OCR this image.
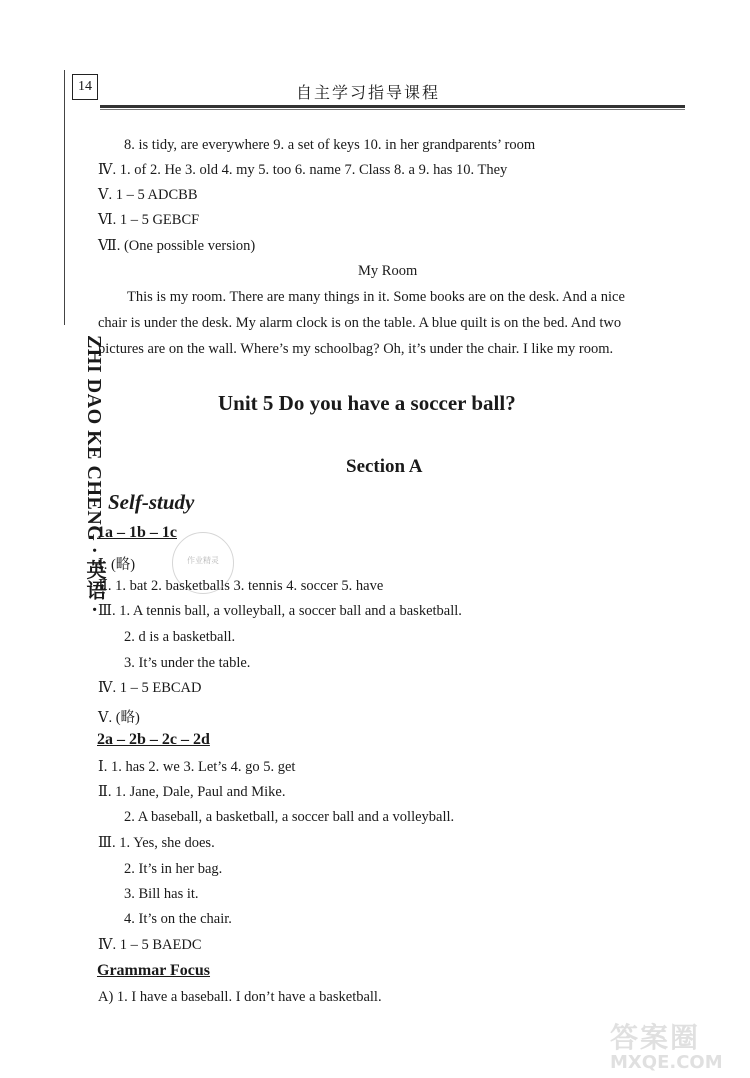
14	自主学习指导课程
ZHI DAO KE CHENG · 英语 ·
8. is tidy, are everywhere 9. a set of keys 10. in her grandparents’ room
Ⅳ. 1. of 2. He 3. old 4. my 5. too 6. name 7. Class 8. a 9. has 10. They
Ⅴ. 1 – 5 ADCBB
Ⅵ. 1 – 5 GEBCF
Ⅶ. (One possible version)
My Room
This is my room. There are many things in it. Some books are on the desk. And a nice
chair is under the desk. My alarm clock is on the table. A blue quilt is on the bed. And two
pictures are on the wall. Where’s my schoolbag? Oh, it’s under the chair. I like my room.
Unit 5 Do you have a soccer ball?
Section A
Self-study
1a – 1b – 1c
Ⅰ. (略)
Ⅱ. 1. bat 2. basketballs 3. tennis 4. soccer 5. have
Ⅲ. 1. A tennis ball, a volleyball, a soccer ball and a basketball.
2. d is a basketball.
3. It’s under the table.
Ⅳ. 1 – 5 EBCAD
Ⅴ. (略)
2a – 2b – 2c – 2d
Ⅰ. 1. has 2. we 3. Let’s 4. go 5. get
Ⅱ. 1. Jane, Dale, Paul and Mike.
2. A baseball, a basketball, a soccer ball and a volleyball.
Ⅲ. 1. Yes, she does.
2. It’s in her bag.
3. Bill has it.
4. It’s on the chair.
Ⅳ. 1 – 5 BAEDC
Grammar Focus
A) 1. I have a baseball. I don’t have a basketball.
作业精灵
答案圈
MXQE.COM
